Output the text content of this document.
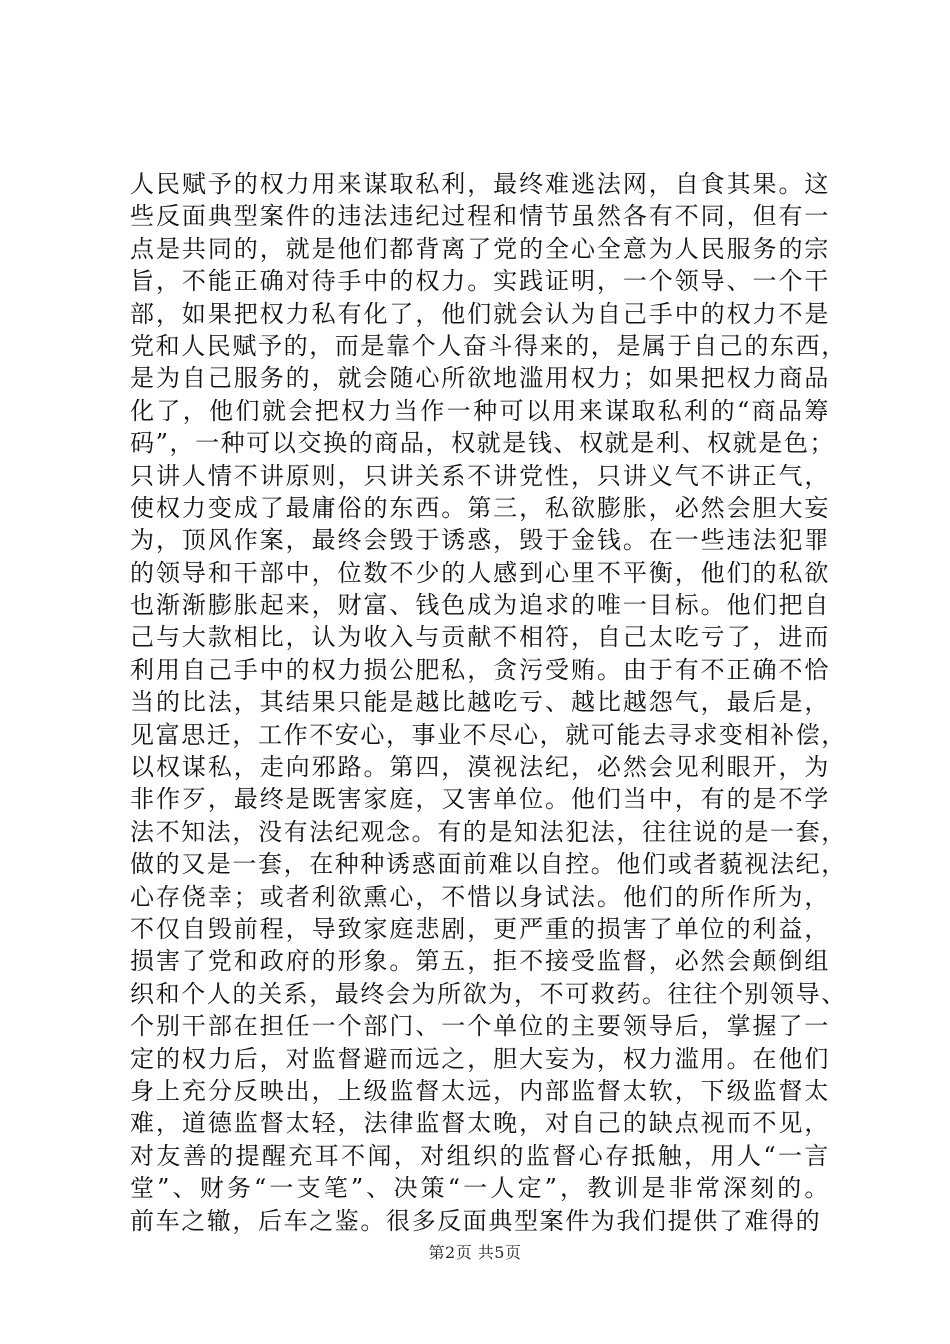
人民赋予的权力用来谋取私利，最终难逃法网，自食其果。这
些反面典型案件的违法违纪过程和情节虽然各有不同，但有一
点是共同的，就是他们都背离了党的全心全意为人民服务的宗
旨，不能正确对待手中的权力。实践证明，一个领导、一个干
部，如果把权力私有化了，他们就会认为自己手中的权力不是
党和人民赋予的，而是靠个人奋斗得来的，是属于自己的东西，
是为自己服务的，就会随心所欲地滥用权力；如果把权力商品
化了，他们就会把权力当作一种可以用来谋取私利的“商品筹
码”，一种可以交换的商品，权就是钱、权就是利、权就是色；
只讲人情不讲原则，只讲关系不讲党性，只讲义气不讲正气，
使权力变成了最庸俗的东西。第三，私欲膨胀，必然会胆大妄
为，顶风作案，最终会毁于诱惑，毁于金钱。在一些违法犯罪
的领导和干部中，位数不少的人感到心里不平衡，他们的私欲
也渐渐膨胀起来，财富、钱色成为追求的唯一目标。他们把自
己与大款相比，认为收入与贡献不相符，自己太吃亏了，进而
利用自己手中的权力损公肥私，贪污受贿。由于有不正确不恰
当的比法，其结果只能是越比越吃亏、越比越怨气，最后是，
见富思迁，工作不安心，事业不尽心，就可能去寻求变相补偿，
以权谋私，走向邪路。第四，漠视法纪，必然会见利眼开，为
非作歹，最终是既害家庭，又害单位。他们当中，有的是不学
法不知法，没有法纪观念。有的是知法犯法，往往说的是一套，
做的又是一套，在种种诱惑面前难以自控。他们或者藐视法纪，
心存侥幸；或者利欲熏心，不惜以身试法。他们的所作所为，
不仅自毁前程，导致家庭悲剧，更严重的损害了单位的利益，
损害了党和政府的形象。第五，拒不接受监督，必然会颠倒组
织和个人的关系，最终会为所欲为，不可救药。往往个别领导、
个别干部在担任一个部门、一个单位的主要领导后，掌握了一
定的权力后，对监督避而远之，胆大妄为，权力滥用。在他们
身上充分反映出，上级监督太远，内部监督太软，下级监督太
难，道德监督太轻，法律监督太晚，对自己的缺点视而不见，
对友善的提醒充耳不闻，对组织的监督心存抵触，用人“一言
堂”、财务“一支笔”、决策“一人定”，教训是非常深刻的。
前车之辙，后车之鉴。很多反面典型案件为我们提供了难得的
第2页 共5页
